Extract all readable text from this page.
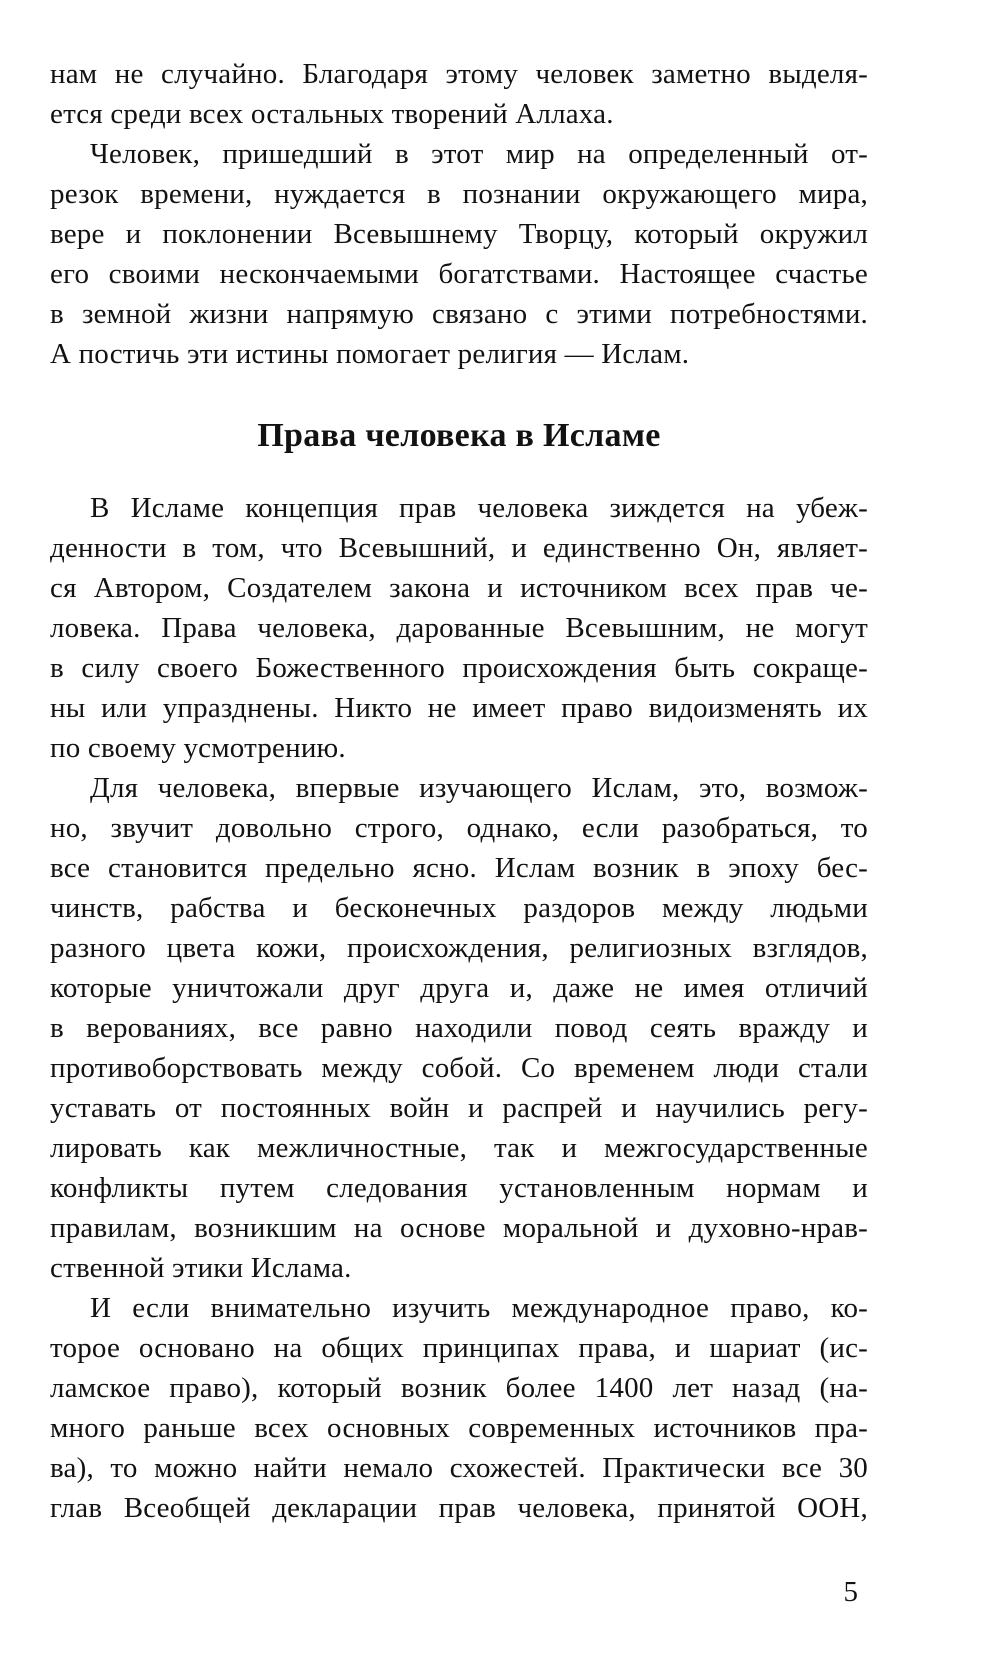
нам не случайно. Благодаря этому человек заметно выделя-
ется среди всех остальных творений Аллаха.
Человек, пришедший в этот мир на определенный от-
резок времени, нуждается в познании окружающего мира,
вере и поклонении Всевышнему Творцу, который окружил
его своими нескончаемыми богатствами. Настоящее счастье
в земной жизни напрямую связано с этими потребностями.
А постичь эти истины помогает религия — Ислам.
Права человека в Исламе
В Исламе концепция прав человека зиждется на убеж-
денности в том, что Всевышний, и единственно Он, являет-
ся Автором, Создателем закона и источником всех прав че-
ловека. Права человека, дарованные Всевышним, не могут
в силу своего Божественного происхождения быть сокраще-
ны или упразднены. Никто не имеет право видоизменять их
по своему усмотрению.
Для человека, впервые изучающего Ислам, это, возмож-
но, звучит довольно строго, однако, если разобраться, то
все становится предельно ясно. Ислам возник в эпоху бес-
чинств, рабства и бесконечных раздоров между людьми
разного цвета кожи, происхождения, религиозных взглядов,
которые уничтожали друг друга и, даже не имея отличий
в верованиях, все равно находили повод сеять вражду и
противоборствовать между собой. Со временем люди стали
уставать от постоянных войн и распрей и научились регу-
лировать как межличностные, так и межгосударственные
конфликты путем следования установленным нормам и
правилам, возникшим на основе моральной и духовно-нрав-
ственной этики Ислама.
И если внимательно изучить международное право, ко-
торое основано на общих принципах права, и шариат (ис-
ламское право), который возник более 1400 лет назад (на-
много раньше всех основных современных источников пра-
ва), то можно найти немало схожестей. Практически все 30
глав Всеобщей декларации прав человека, принятой ООН,
5
